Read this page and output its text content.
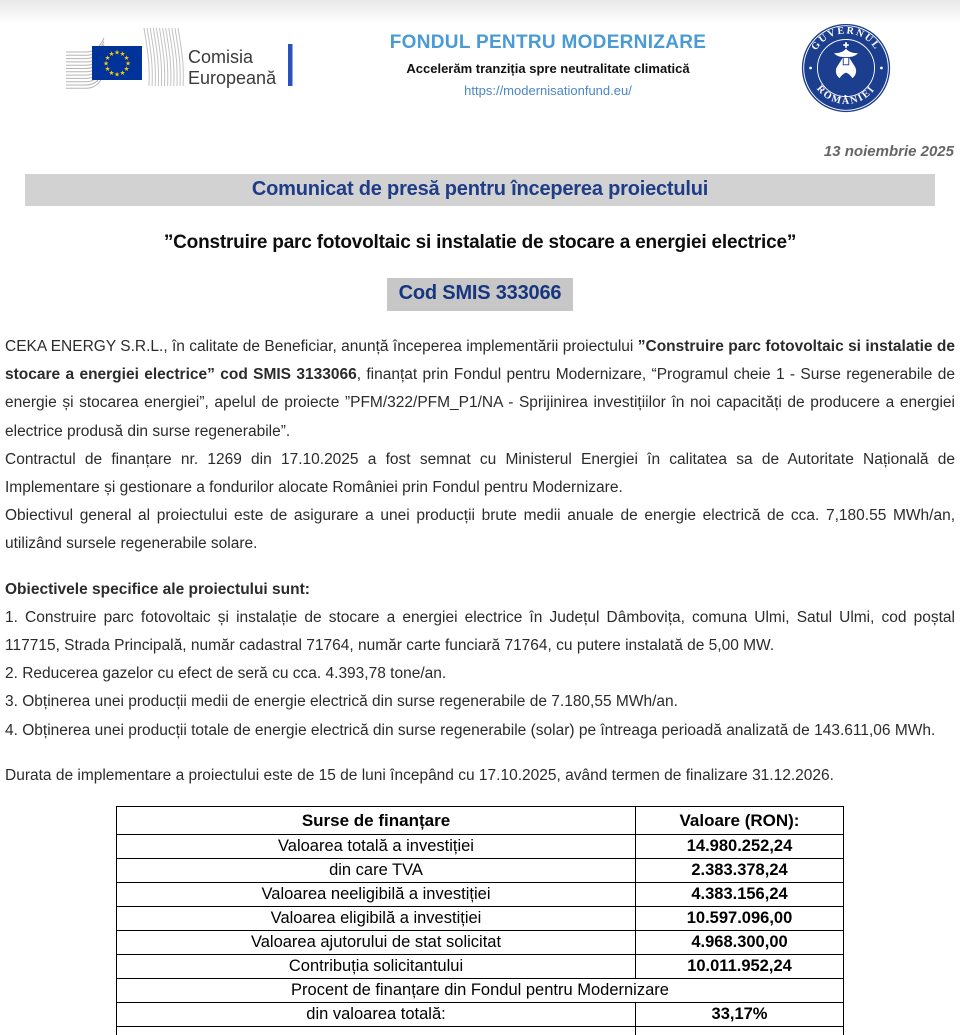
★ ★
★
★
★
★
★
★
★
★
★
★	Comisia
Europeană
FONDUL PENTRU MODERNIZARE
Accelerăm tranziția spre neutralitate climatică
https://modernisationfund.eu/
GUVERNUL
ROMÂNIEI
13 noiembrie 2025
Comunicat de presă pentru începerea proiectului
”Construire parc fotovoltaic si instalatie de stocare a energiei electrice”
Cod SMIS 333066

CEKA ENERGY S.R.L., în calitate de Beneficiar, anunță începerea implementării proiectului ”Construire parc fotovoltaic si instalatie de stocare a energiei electrice” cod SMIS 3133066, finanțat prin Fondul pentru Modernizare, “Programul cheie 1 - Surse regenerabile de energie și stocarea energiei”, apelul de proiecte ”PFM/322/PFM_P1/NA - Sprijinirea investițiilor în noi capacități de producere a energiei electrice produsă din surse regenerabile”.

Contractul de finanțare nr. 1269 din 17.10.2025 a fost semnat cu Ministerul Energiei în calitatea sa de Autoritate Națională de Implementare și gestionare a fondurilor alocate României prin Fondul pentru Modernizare.

Obiectivul general al proiectului este de asigurare a unei producții brute medii anuale de energie electrică de cca. 7,180.55 MWh/an, utilizând sursele regenerabile solare.

Obiectivele specifice ale proiectului sunt:

1. Construire parc fotovoltaic și instalație de stocare a energiei electrice în Județul Dâmbovița, comuna Ulmi, Satul Ulmi, cod poștal 117715, Strada Principală, număr cadastral 71764, număr carte funciară 71764, cu putere instalată de 5,00 MW.

2. Reducerea gazelor cu efect de seră cu cca. 4.393,78 tone/an.

3. Obținerea unei producții medii de energie electrică din surse regenerabile de 7.180,55 MWh/an.

4. Obținerea unei producții totale de energie electrică din surse regenerabile (solar) pe întreaga perioadă analizată de 143.611,06 MWh.

Durata de implementare a proiectului este de 15 de luni începând cu 17.10.2025, având termen de finalizare 31.12.2026.

Surse de finanțare	Valoare (RON):
Valoarea totală a investiției	14.980.252,24
din care TVA	2.383.378,24
Valoarea neeligibilă a investiției	4.383.156,24
Valoarea eligibilă a investiției	10.597.096,00
Valoarea ajutorului de stat solicitat	4.968.300,00
Contribuția solicitantului	10.011.952,24
Procent de finanțare din Fondul pentru Modernizare	
din valoarea totală:	33,17%
